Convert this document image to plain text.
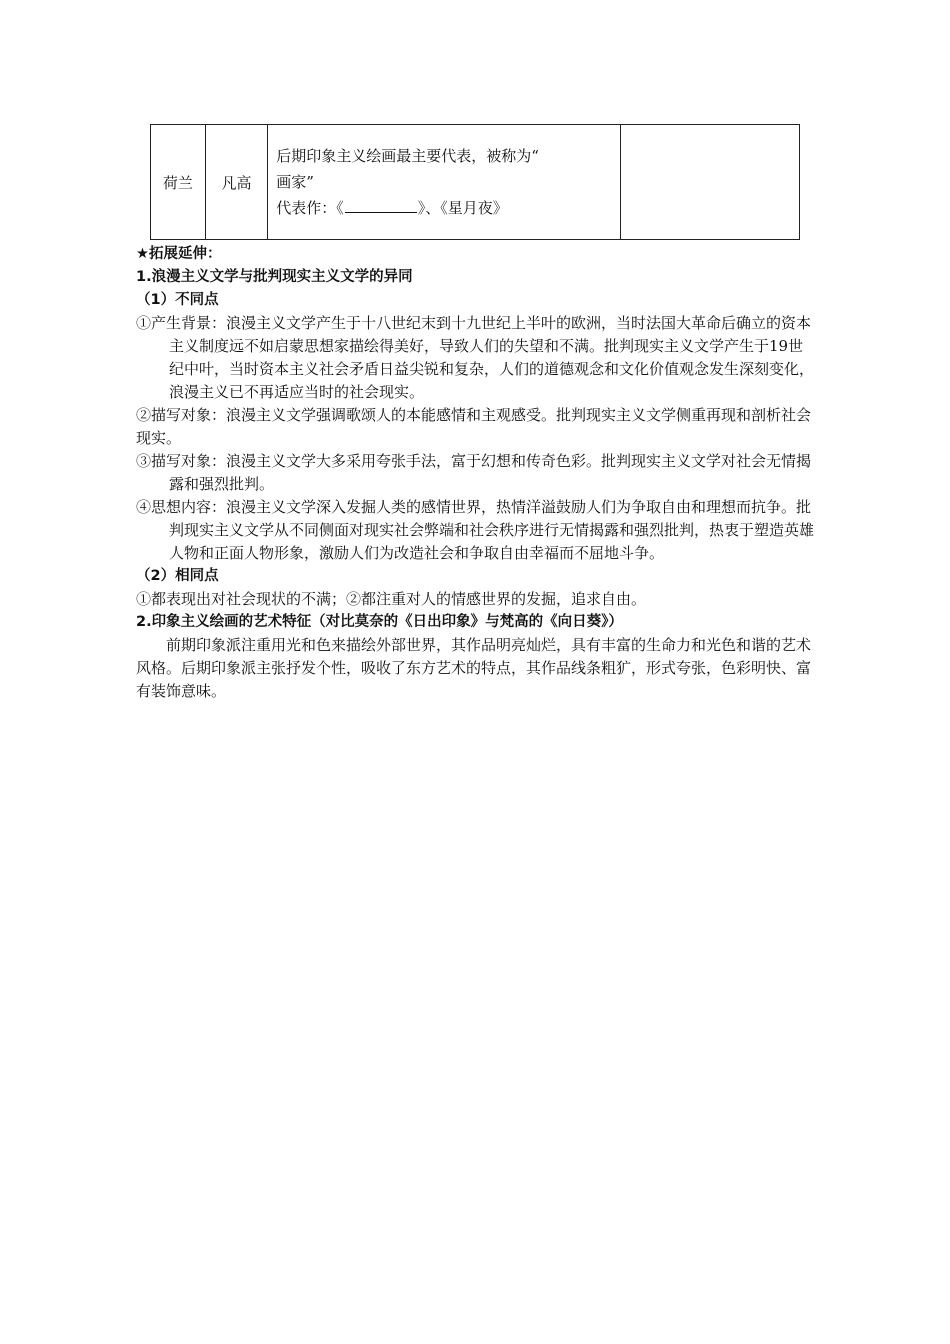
荷兰	凡高	
后期印象主义绘画最主要代表，被称为“
画家”
代表作：《	》、《星月夜》

★拓展延伸：
1.浪漫主义文学与批判现实主义文学的异同
（1）不同点
①产生背景：浪漫主义文学产生于十八世纪末到十九世纪上半叶的欧洲，当时法国大革命后确立的资本主义制度远不如启蒙思想家描绘得美好，导致人们的失望和不满。批判现实主义文学产生于19世纪中叶，当时资本主义社会矛盾日益尖锐和复杂，人们的道德观念和文化价值观念发生深刻变化，浪漫主义已不再适应当时的社会现实。
②描写对象：浪漫主义文学强调歌颂人的本能感情和主观感受。批判现实主义文学侧重再现和剖析社会现实。
③描写对象：浪漫主义文学大多采用夸张手法，富于幻想和传奇色彩。批判现实主义文学对社会无情揭露和强烈批判。
④思想内容：浪漫主义文学深入发掘人类的感情世界，热情洋溢鼓励人们为争取自由和理想而抗争。批判现实主义文学从不同侧面对现实社会弊端和社会秩序进行无情揭露和强烈批判，热衷于塑造英雄人物和正面人物形象，激励人们为改造社会和争取自由幸福而不屈地斗争。
（2）相同点
①都表现出对社会现状的不满；②都注重对人的情感世界的发掘，追求自由。
2.印象主义绘画的艺术特征（对比莫奈的《日出印象》与梵高的《向日葵》）
前期印象派注重用光和色来描绘外部世界，其作品明亮灿烂，具有丰富的生命力和光色和谐的艺术风格。后期印象派主张抒发个性，吸收了东方艺术的特点，其作品线条粗犷，形式夸张，色彩明快、富有装饰意味。
